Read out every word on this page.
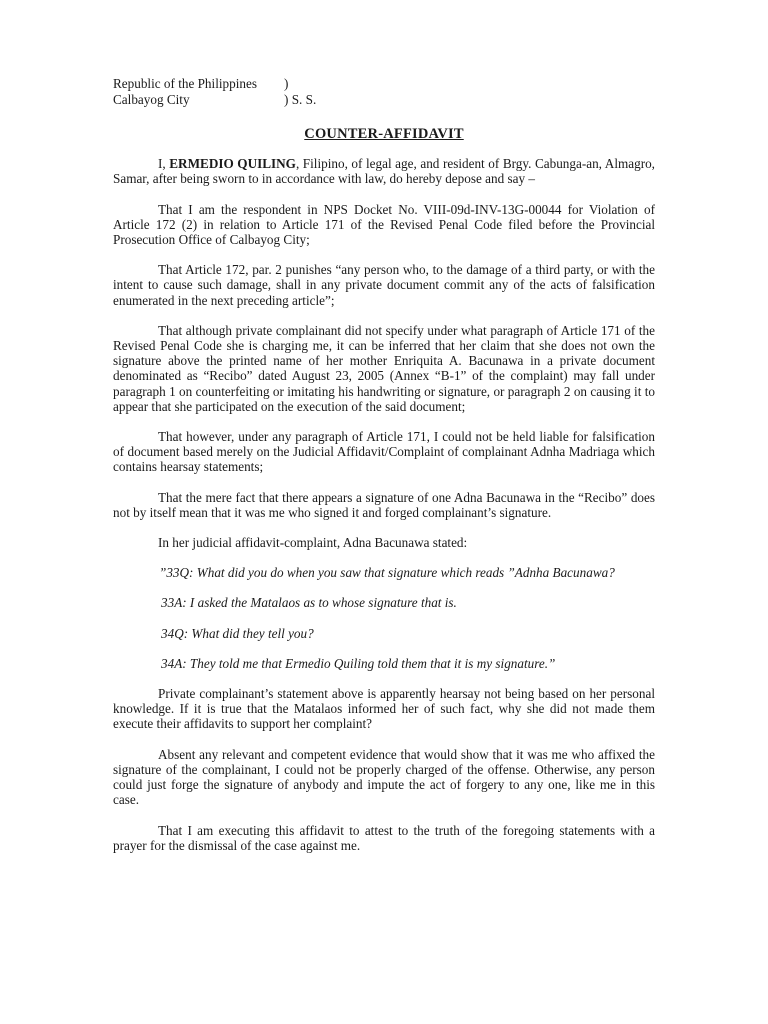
Republic of the Philippines	)
Calbayog City	) S. S.
COUNTER-AFFIDAVIT

I, ERMEDIO QUILING, Filipino, of legal age, and resident of Brgy. Cabunga-an, Almagro, Samar, after being sworn to in accordance with law, do hereby depose and say –

That I am the respondent in NPS Docket No. VIII-09d-INV-13G-00044 for Violation of Article 172 (2) in relation to Article 171 of the Revised Penal Code filed before the Provincial Prosecution Office of Calbayog City;

That Article 172, par. 2 punishes “any person who, to the damage of a third party, or with the intent to cause such damage, shall in any private document commit any of the acts of falsification enumerated in the next preceding article”;

That although private complainant did not specify under what paragraph of Article 171 of the Revised Penal Code she is charging me, it can be inferred that her claim that she does not own the signature above the printed name of her mother Enriquita A. Bacunawa in a private document denominated as “Recibo” dated August 23, 2005 (Annex “B-1” of the complaint) may fall under paragraph 1 on counterfeiting or imitating his handwriting or signature, or paragraph 2 on causing it to appear that she participated on the execution of the said document;

That however, under any paragraph of Article 171, I could not be held liable for falsification of document based merely on the Judicial Affidavit/Complaint of complainant Adnha Madriaga which contains hearsay statements;

That the mere fact that there appears a signature of one Adna Bacunawa in the “Recibo” does not by itself mean that it was me who signed it and forged complainant’s signature.

In her judicial affidavit-complaint, Adna Bacunawa stated:

”33Q: What did you do when you saw that signature which reads ”Adnha Bacunawa?

33A: I asked the Matalaos as to whose signature that is.

34Q: What did they tell you?

34A: They told me that Ermedio Quiling told them that it is my signature.”

Private complainant’s statement above is apparently hearsay not being based on her personal knowledge. If it is true that the Matalaos informed her of such fact, why she did not made them execute their affidavits to support her complaint?

Absent any relevant and competent evidence that would show that it was me who affixed the signature of the complainant, I could not be properly charged of the offense. Otherwise, any person could just forge the signature of anybody and impute the act of forgery to any one, like me in this case.

That I am executing this affidavit to attest to the truth of the foregoing statements with a prayer for the dismissal of the case against me.
